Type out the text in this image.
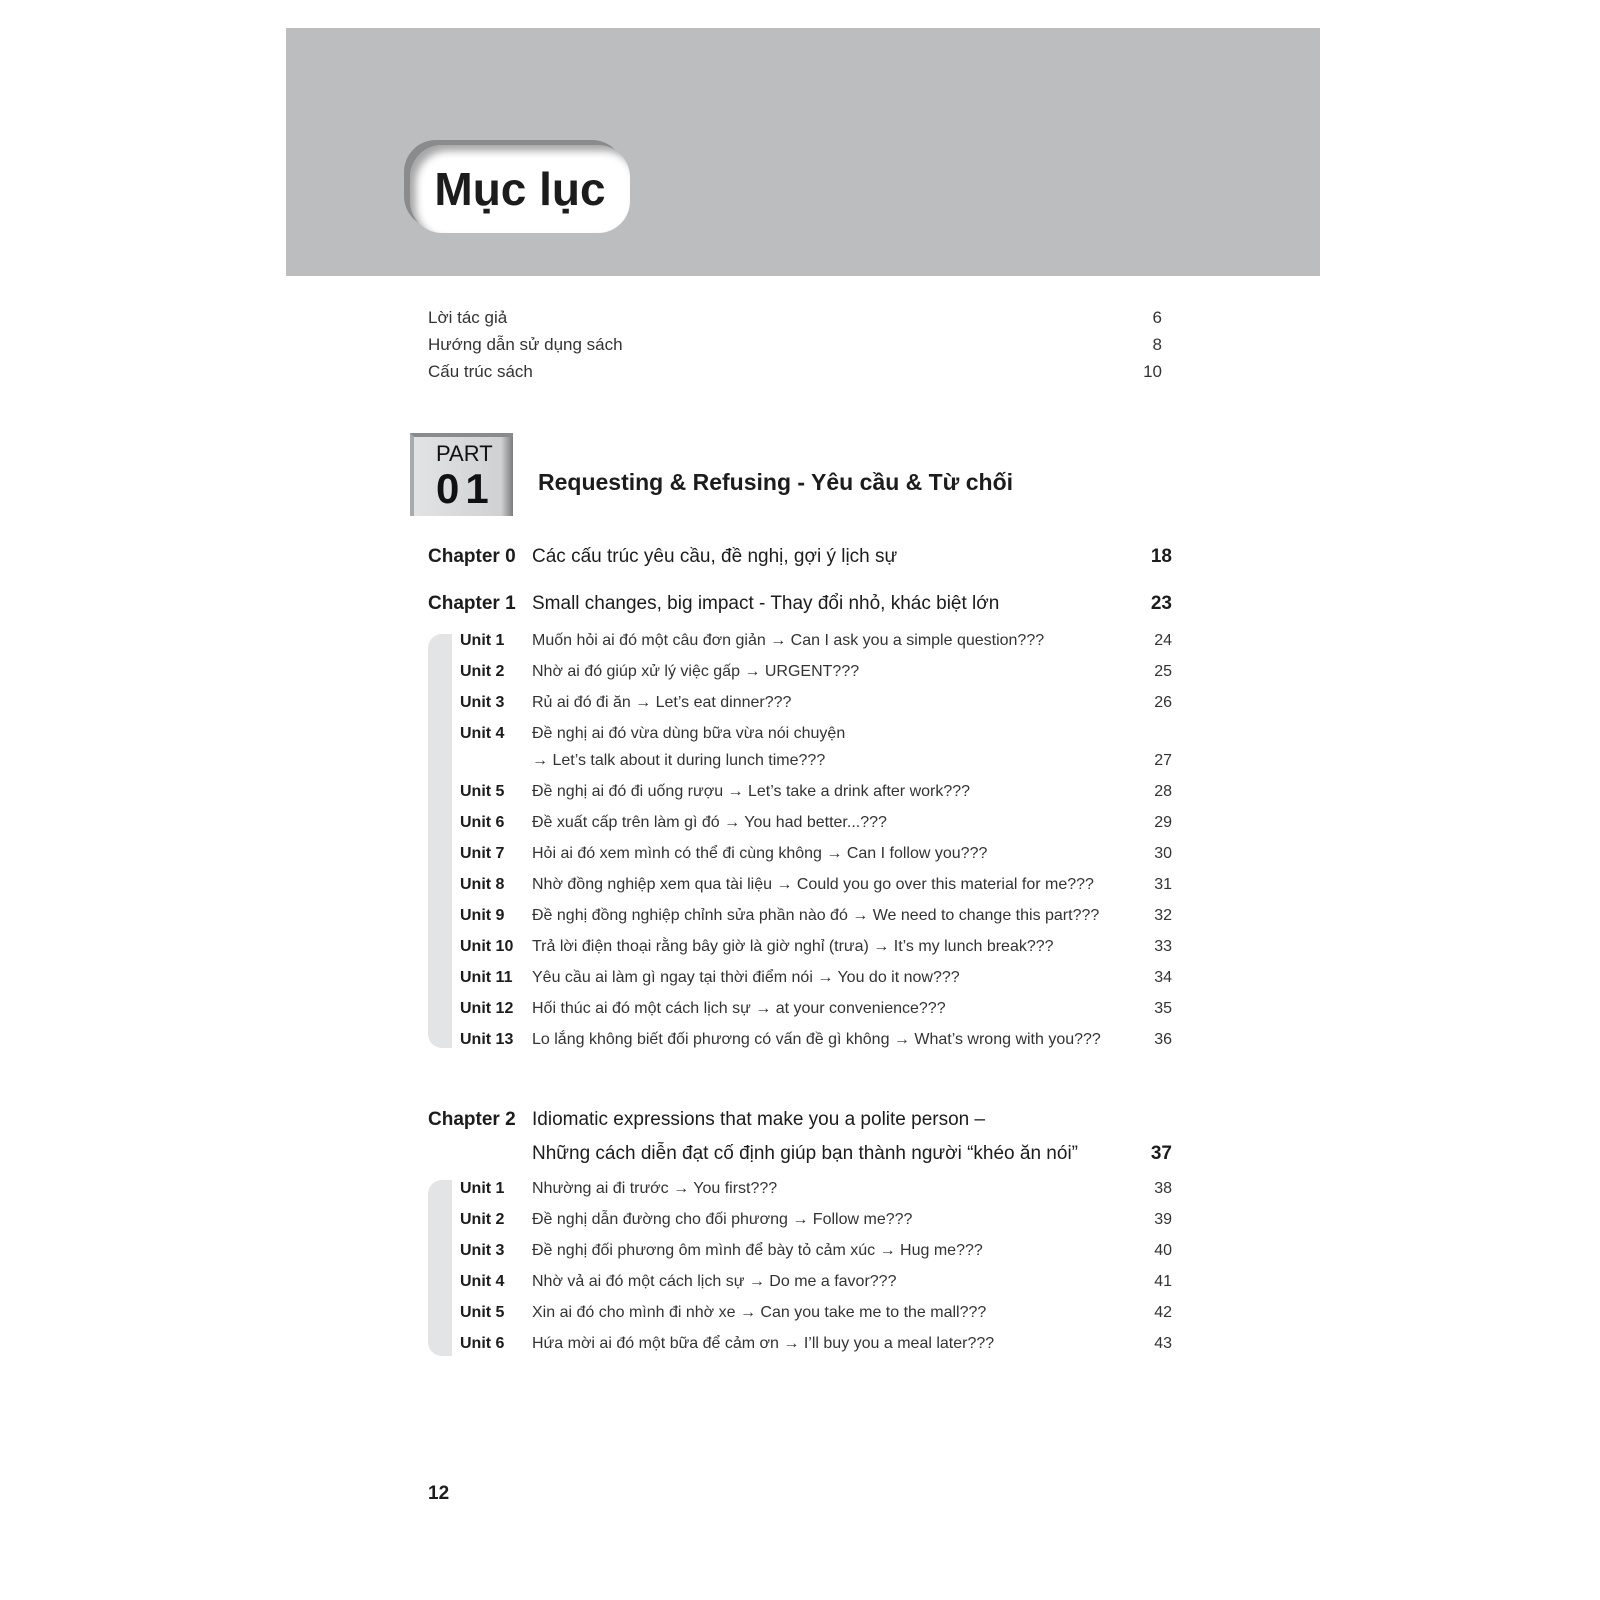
Mục lục
Lời tác giả	6
Hướng dẫn sử dụng sách	8
Cấu trúc sách	10
PART
01 Requesting & Refusing - Yêu cầu & Từ chối
Chapter 0 Các cấu trúc yêu cầu, đề nghị, gợi ý lịch sự	18
Chapter 1 Small changes, big impact - Thay đổi nhỏ, khác biệt lớn	23
Unit 1 Muốn hỏi ai đó một câu đơn giản → Can I ask you a simple question???	24
Unit 2 Nhờ ai đó giúp xử lý việc gấp → URGENT???	25
Unit 3 Rủ ai đó đi ăn → Let’s eat dinner???	26
Unit 4 Đề nghị ai đó vừa dùng bữa vừa nói chuyện
→ Let’s talk about it during lunch time???	27
Unit 5 Đề nghị ai đó đi uống rượu → Let’s take a drink after work???	28
Unit 6 Đề xuất cấp trên làm gì đó → You had better...???	29
Unit 7 Hỏi ai đó xem mình có thể đi cùng không → Can I follow you???	30
Unit 8 Nhờ đồng nghiệp xem qua tài liệu → Could you go over this material for me???	31
Unit 9 Đề nghị đồng nghiệp chỉnh sửa phần nào đó → We need to change this part???	32
Unit 10 Trả lời điện thoại rằng bây giờ là giờ nghỉ (trưa) → It’s my lunch break???	33
Unit 11 Yêu cầu ai làm gì ngay tại thời điểm nói → You do it now???	34
Unit 12 Hối thúc ai đó một cách lịch sự → at your convenience???	35
Unit 13 Lo lắng không biết đối phương có vấn đề gì không → What’s wrong with you???	36
Chapter 2 Idiomatic expressions that make you a polite person –
Những cách diễn đạt cố định giúp bạn thành người “khéo ăn nói”	37
Unit 1 Nhường ai đi trước → You first???	38
Unit 2 Đề nghị dẫn đường cho đối phương → Follow me???	39
Unit 3 Đề nghị đối phương ôm mình để bày tỏ cảm xúc → Hug me???	40
Unit 4 Nhờ vả ai đó một cách lịch sự → Do me a favor???	41
Unit 5 Xin ai đó cho mình đi nhờ xe → Can you take me to the mall???	42
Unit 6 Hứa mời ai đó một bữa để cảm ơn → I’ll buy you a meal later???	43
12
